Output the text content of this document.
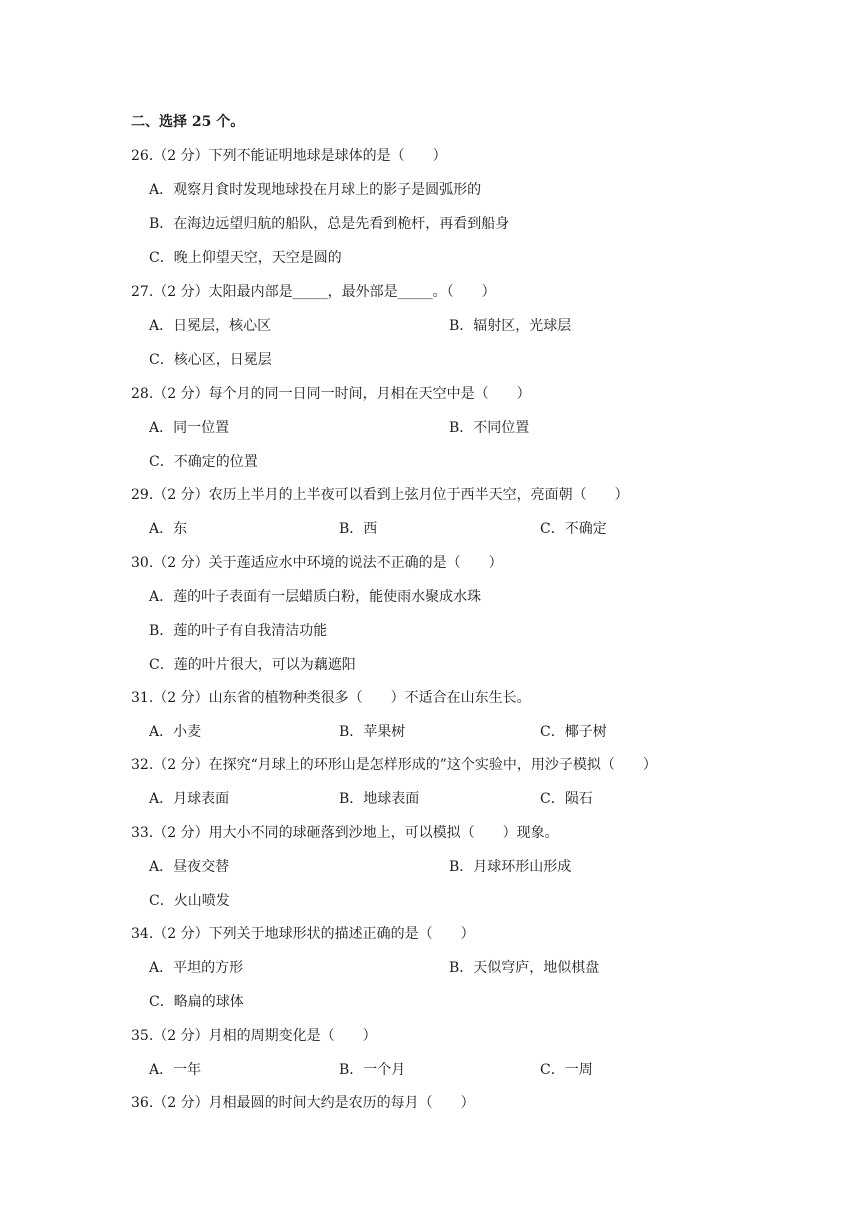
二、选择 25 个。
26.（2 分）下列不能证明地球是球体的是（　　）
A．观察月食时发现地球投在月球上的影子是圆弧形的
B．在海边远望归航的船队，总是先看到桅杆，再看到船身
C．晚上仰望天空，天空是圆的
27.（2 分）太阳最内部是_____，最外部是_____。（　　）
A．日冕层，核心区	B．辐射区，光球层
C．核心区，日冕层
28.（2 分）每个月的同一日同一时间，月相在天空中是（　　）
A．同一位置	B．不同位置
C．不确定的位置
29.（2 分）农历上半月的上半夜可以看到上弦月位于西半天空，亮面朝（　　）
A．东	B．西	C．不确定
30.（2 分）关于莲适应水中环境的说法不正确的是（　　）
A．莲的叶子表面有一层蜡质白粉，能使雨水聚成水珠
B．莲的叶子有自我清洁功能
C．莲的叶片很大，可以为藕遮阳
31.（2 分）山东省的植物种类很多（　　）不适合在山东生长。
A．小麦	B．苹果树	C．椰子树
32.（2 分）在探究“月球上的环形山是怎样形成的”这个实验中，用沙子模拟（　　）
A．月球表面	B．地球表面	C．陨石
33.（2 分）用大小不同的球砸落到沙地上，可以模拟（　　）现象。
A．昼夜交替	B．月球环形山形成
C．火山喷发
34.（2 分）下列关于地球形状的描述正确的是（　　）
A．平坦的方形	B．天似穹庐，地似棋盘
C．略扁的球体
35.（2 分）月相的周期变化是（　　）
A．一年	B．一个月	C．一周
36.（2 分）月相最圆的时间大约是农历的每月（　　）
